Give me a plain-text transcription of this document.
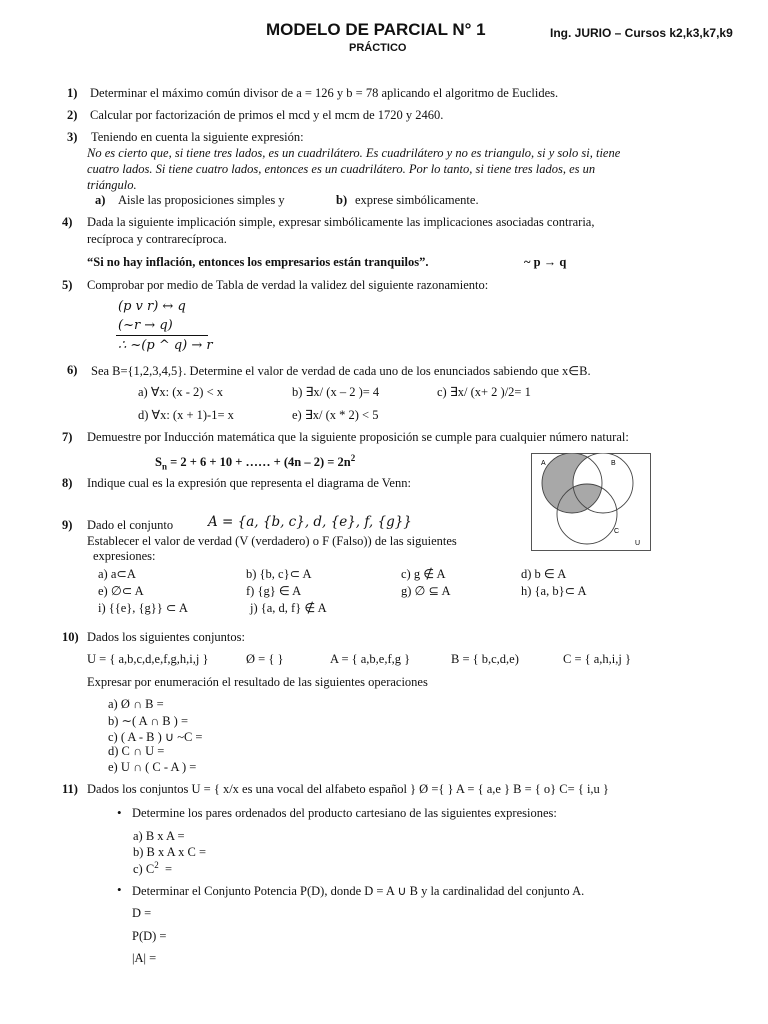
MODELO DE PARCIAL N° 1
PRÁCTICO
Ing. JURIO – Cursos k2,k3,k7,k9
1) Determinar el máximo común divisor de a = 126 y b = 78 aplicando el algoritmo de Euclides.
2) Calcular por factorización de primos el mcd y el mcm de 1720 y 2460.
3) Teniendo en cuenta la siguiente expresión:
No es cierto que, si tiene tres lados, es un cuadrilátero. Es cuadrilátero y no es triangulo, si y solo si, tiene
cuatro lados. Si tiene cuatro lados, entonces es un cuadrilátero. Por lo tanto, si tiene tres lados, es un
triángulo.
a) Aisle las proposiciones simples y	b) exprese simbólicamente.
4) Dada la siguiente implicación simple, expresar simbólicamente las implicaciones asociadas contraria,
recíproca y contrarecíproca.
“Si no hay inflación, entonces los empresarios están tranquilos”.	~ p → q
5) Comprobar por medio de Tabla de verdad la validez del siguiente razonamiento:
(p v r) ↔ q
(~r → q)
∴ ~(p ^ q) → r
6) Sea B={1,2,3,4,5}. Determine el valor de verdad de cada uno de los enunciados sabiendo que x∈B.
a) ∀x: (x - 2) < x	b) ∃x/ (x – 2 )= 4	c) ∃x/ (x+ 2 )/2= 1
d) ∀x: (x + 1)-1= x	e) ∃x/ (x * 2) < 5
7) Demuestre por Inducción matemática que la siguiente proposición se cumple para cualquier número natural:
$S_n = 2 + 6 + 10$ + …… + $(4n - 2) = 2n^2$
8) Indique cual es la expresión que representa el diagrama de Venn:
A	B
C
U
9) Dado el conjunto	A = {a, {b, c}, d, {e}, f, {g}}
Establecer el valor de verdad (V (verdadero) o F (Falso)) de las siguientes
expresiones:
a) a⊂A	b) {b, c}⊂ A	c) g ∉ A	d) b ∈ A
e) ∅⊂ A	f) {g} ∈ A	g) ∅ ⊆ A	h) {a, b}⊂ A
i) {{e}, {g}} ⊂ A	j) {a, d, f} ∉ A
10) Dados los siguientes conjuntos:
U = { a,b,c,d,e,f,g,h,i,j }	Ø = { }	A = { a,b,e,f,g }	B = { b,c,d,e)	C = { a,h,i,j }
Expresar por enumeración el resultado de las siguientes operaciones
a) Ø ∩ B =
b) ∼( A ∩ B ) =
c) ( A - B ) ∪ ~C =
d) C ∩ U =
e) U ∩ ( C - A ) =
11) Dados los conjuntos U = { x/x es una vocal del alfabeto español } Ø ={ } A = { a,e } B = { o} C= { i,u }
• Determine los pares ordenados del producto cartesiano de las siguientes expresiones:
a) B x A =
b) B x A x C =
c) $C^2$ =
• Determinar el Conjunto Potencia P(D), donde D = A ∪ B y la cardinalidad del conjunto A.
D =
P(D) =
|A| =
